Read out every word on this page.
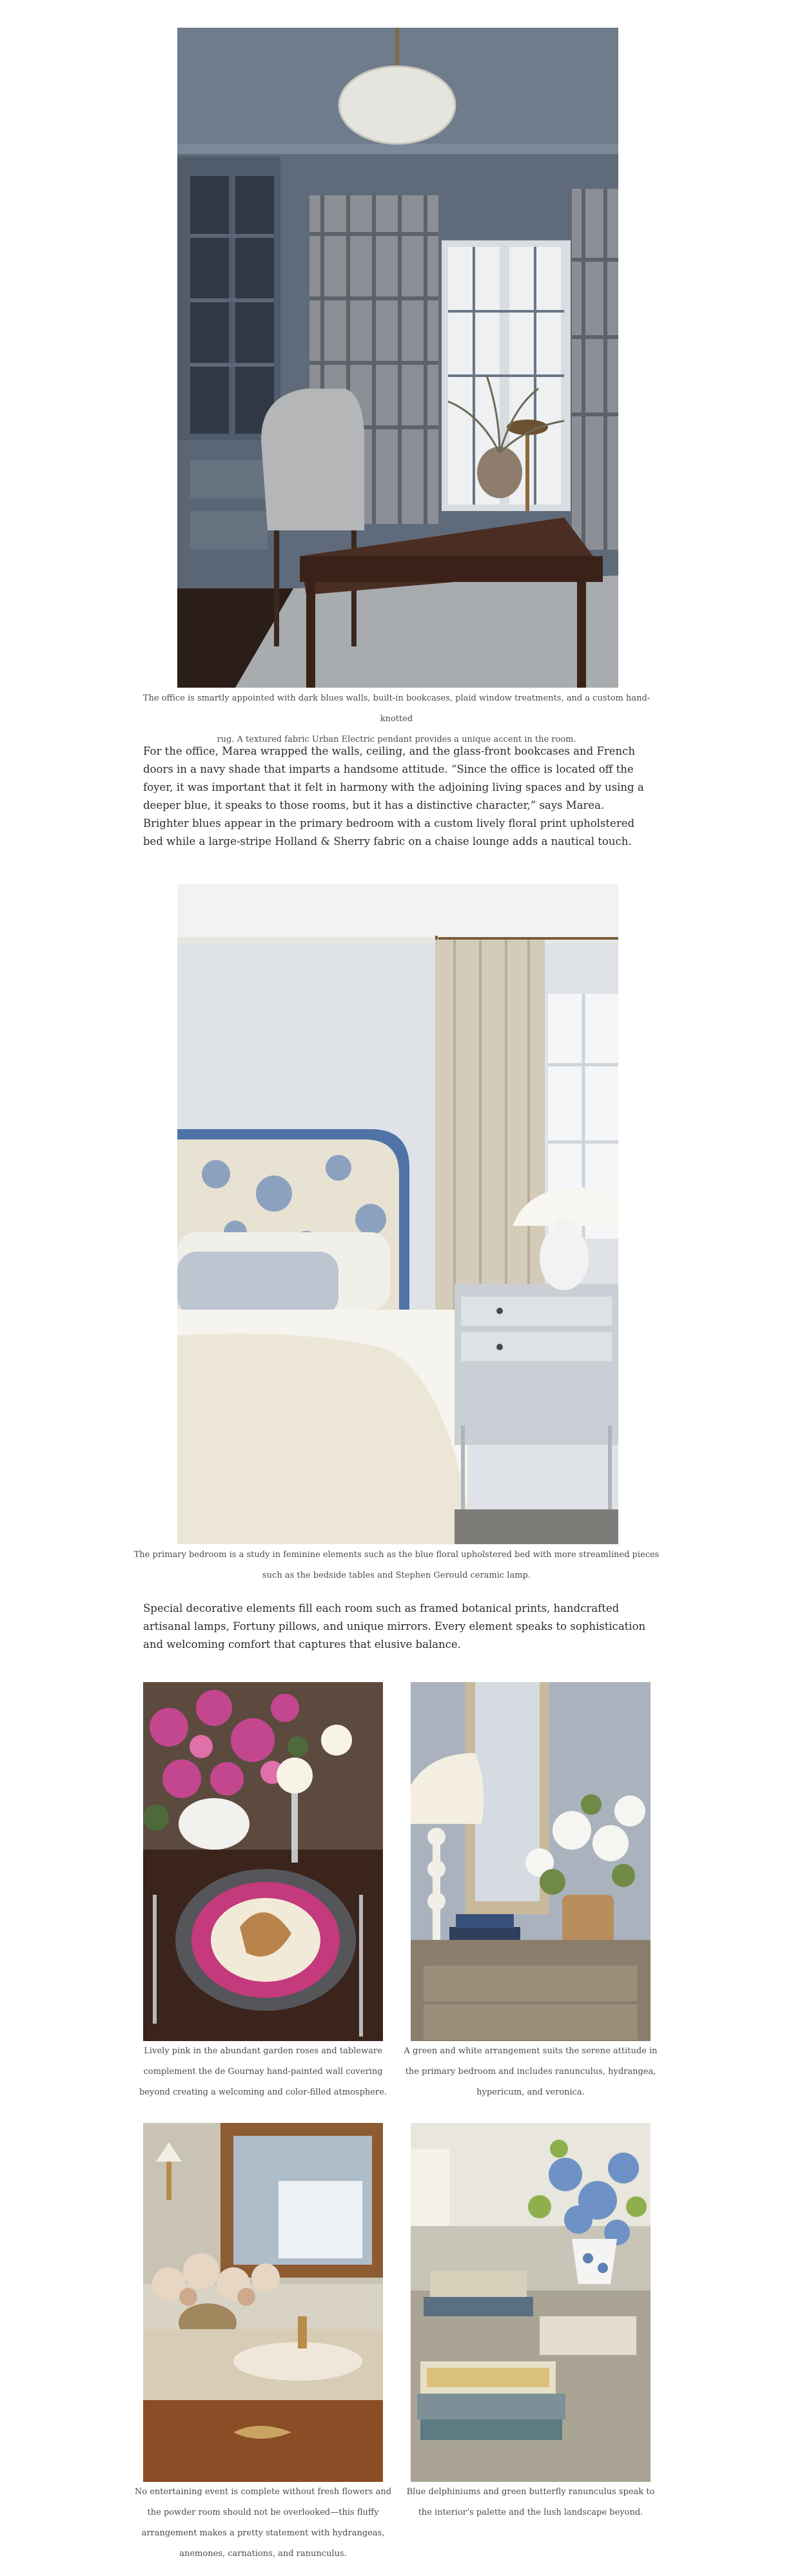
The office is smartly appointed with dark blues walls, built-in bookcases, plaid window treatments, and a custom hand-knotted
rug. A textured fabric Urban Electric pendant provides a unique accent in the room.

For the office, Marea wrapped the walls, ceiling, and the glass-front bookcases and French doors in a navy shade that imparts a handsome attitude. “Since the office is located off the foyer, it was important that it felt in harmony with the adjoining living spaces and by using a deeper blue, it speaks to those rooms, but it has a distinctive character,” says Marea. Brighter blues appear in the primary bedroom with a custom lively floral print upholstered bed while a large-stripe Holland & Sherry fabric on a chaise lounge adds a nautical touch.

The primary bedroom is a study in feminine elements such as the blue floral upholstered bed with more streamlined pieces
such as the bedside tables and Stephen Gerould ceramic lamp.

Special decorative elements fill each room such as framed botanical prints, handcrafted artisanal lamps, Fortuny pillows, and unique mirrors. Every element speaks to sophistication and welcoming comfort that captures that elusive balance.

Lively pink in the abundant garden roses and tableware
complement the de Gournay hand-painted wall covering
beyond creating a welcoming and color-filled atmosphere.
A green and white arrangement suits the serene attitude in
the primary bedroom and includes ranunculus, hydrangea,
hypericum, and veronica.
No entertaining event is complete without fresh flowers and
the powder room should not be overlooked—this fluffy
arrangement makes a pretty statement with hydrangeas,
anemones, carnations, and ranunculus.
Blue delphiniums and green butterfly ranunculus speak to
the interior’s palette and the lush landscape beyond.
